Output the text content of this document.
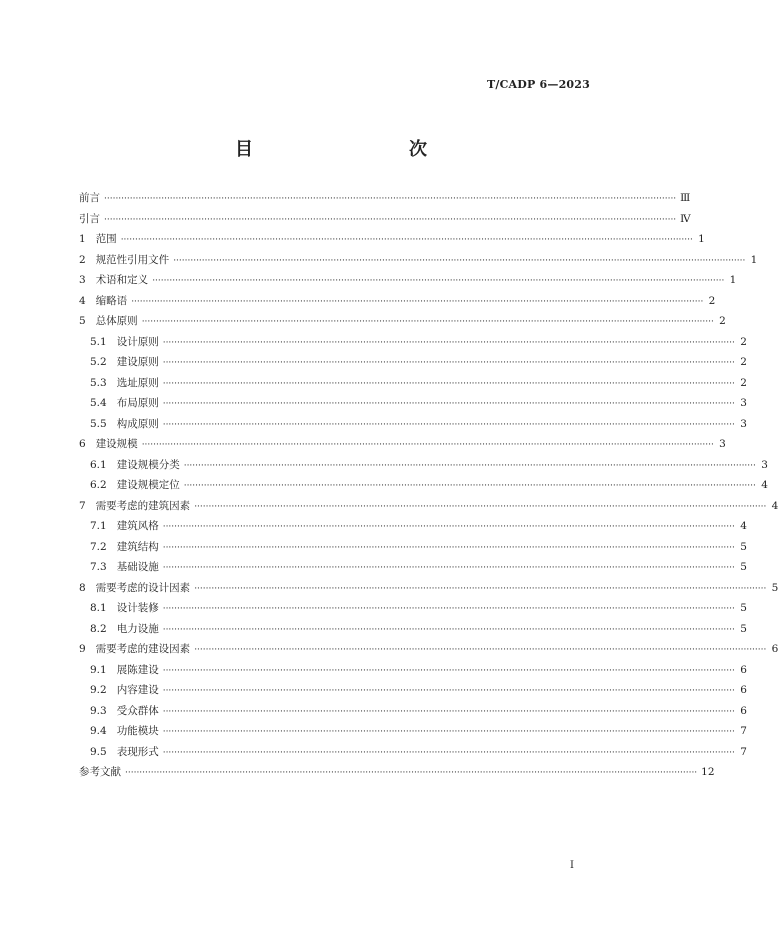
T/CADP 6—2023
目　　次
前言 ········································································································································································································ Ⅲ
引言 ········································································································································································································ Ⅳ
1 范围 ········································································································································································································ 1
2 规范性引用文件 ········································································································································································································ 1
3 术语和定义 ········································································································································································································ 1
4 缩略语 ········································································································································································································ 2
5 总体原则 ········································································································································································································ 2
5.1 设计原则 ········································································································································································································ 2
5.2 建设原则 ········································································································································································································ 2
5.3 选址原则 ········································································································································································································ 2
5.4 布局原则 ········································································································································································································ 3
5.5 构成原则 ········································································································································································································ 3
6 建设规模 ········································································································································································································ 3
6.1 建设规模分类 ········································································································································································································ 3
6.2 建设规模定位 ········································································································································································································ 4
7 需要考虑的建筑因素 ········································································································································································································ 4
7.1 建筑风格 ········································································································································································································ 4
7.2 建筑结构 ········································································································································································································ 5
7.3 基础设施 ········································································································································································································ 5
8 需要考虑的设计因素 ········································································································································································································ 5
8.1 设计装修 ········································································································································································································ 5
8.2 电力设施 ········································································································································································································ 5
9 需要考虑的建设因素 ········································································································································································································ 6
9.1 展陈建设 ········································································································································································································ 6
9.2 内容建设 ········································································································································································································ 6
9.3 受众群体 ········································································································································································································ 6
9.4 功能模块 ········································································································································································································ 7
9.5 表现形式 ········································································································································································································ 7
参考文献 ········································································································································································································ 12
I
